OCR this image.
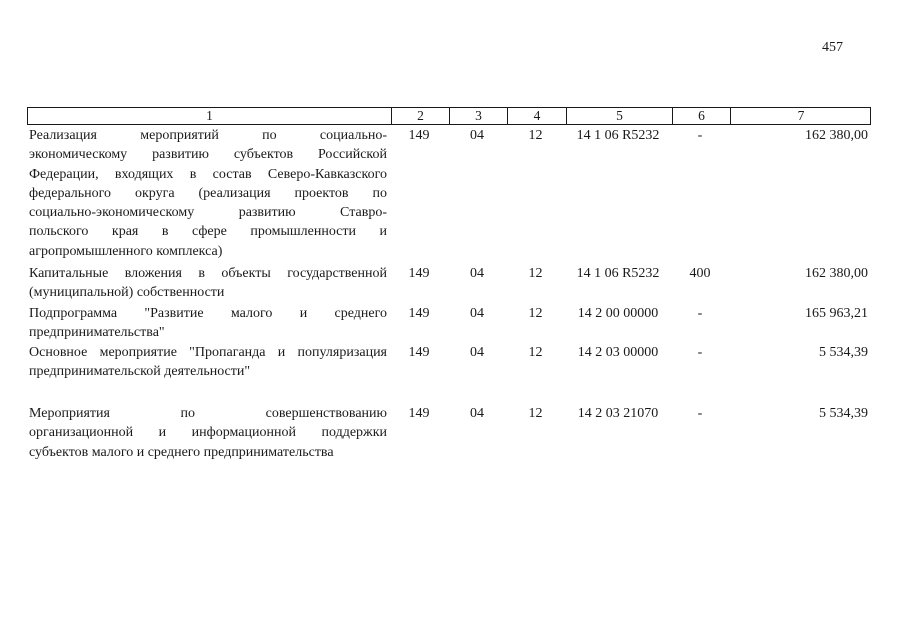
457
1	2	3	4	5	6	7
Реализация мероприятий по социально-
экономическому развитию субъектов Российской
Федерации, входящих в состав Северо-Кавказского
федерального округа (реализация проектов по
социально-экономическому развитию Ставро-
польского края в сфере промышленности и
агропромышленного комплекса)
149	04	12	14 1 06 R5232	-	162 380,00
Капитальные вложения в объекты государственной
(муниципальной) собственности
149	04	12	14 1 06 R5232	400	162 380,00
Подпрограмма "Развитие малого и среднего
предпринимательства"
149	04	12	14 2 00 00000	-	165 963,21
Основное мероприятие "Пропаганда и популяризация
предпринимательской деятельности"
149	04	12	14 2 03 00000	-	5 534,39
Мероприятия по совершенствованию
организационной и информационной поддержки
субъектов малого и среднего предпринимательства
149	04	12	14 2 03 21070	-	5 534,39
